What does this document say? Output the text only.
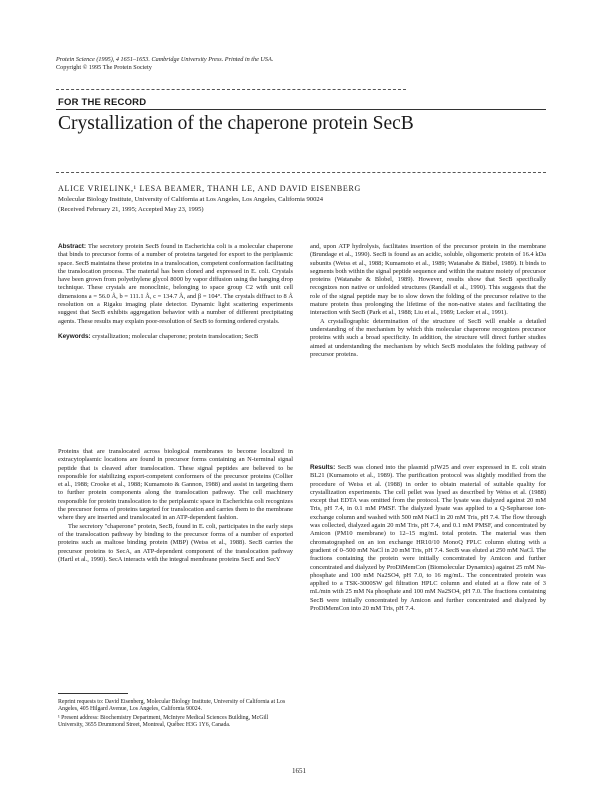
Protein Science (1995), 4 1651–1653. Cambridge University Press. Printed in the USA.
Copyright © 1995 The Protein Society
FOR THE RECORD
Crystallization of the chaperone protein SecB
ALICE VRIELINK,¹ LESA BEAMER, THANH LE, AND DAVID EISENBERG
Molecular Biology Institute, University of California at Los Angeles, Los Angeles, California 90024
(Received February 21, 1995; Accepted May 23, 1995)

Abstract: The secretory protein SecB found in Escherichia coli is a molecular chaperone that binds to precursor forms of a number of proteins targeted for export to the periplasmic space. SecB maintains these proteins in a translocation, competent conformation facilitating the translocation process. The material has been cloned and expressed in E. coli. Crystals have been grown from polyethylene glycol 8000 by vapor diffusion using the hanging drop technique. These crystals are monoclinic, belonging to space group C2 with unit cell dimensions a = 56.0 Å, b = 111.1 Å, c = 134.7 Å, and β = 104°. The crystals diffract to 8 Å resolution on a Rigaku imaging plate detector. Dynamic light scattering experiments suggest that SecB exhibits aggregation behavior with a number of different precipitating agents. These results may explain poor-resolution of SecB to forming ordered crystals.

Keywords: crystallization; molecular chaperone; protein translocation; SecB

Proteins that are translocated across biological membranes to become localized in extracytoplasmic locations are found in precursor forms containing an N-terminal signal peptide that is cleaved after translocation. These signal peptides are believed to be responsible for stabilizing export-competent conformers of the precursor proteins (Collier et al., 1988; Crooke et al., 1988; Kumamoto & Gannon, 1988) and assist in targeting them to further protein components along the translocation pathway. The cell machinery responsible for protein translocation to the periplasmic space in Escherichia coli recognizes the precursor forms of proteins targeted for translocation and carries them to the membrane where they are inserted and translocated in an ATP-dependent fashion.

The secretory "chaperone" protein, SecB, found in E. coli, participates in the early steps of the translocation pathway by binding to the precursor forms of a number of exported proteins such as maltose binding protein (MBP) (Weiss et al., 1988). SecB carries the precursor proteins to SecA, an ATP-dependent component of the translocation pathway (Hartl et al., 1990). SecA interacts with the integral membrane proteins SecE and SecY

Reprint requests to: David Eisenberg, Molecular Biology Institute, University of California at Los Angeles, 405 Hilgard Avenue, Los Angeles, California 90024.

¹ Present address: Biochemistry Department, McIntyre Medical Sciences Building, McGill University, 3655 Drummond Street, Montreal, Québec H3G 1Y6, Canada.

and, upon ATP hydrolysis, facilitates insertion of the precursor protein in the membrane (Brundage et al., 1990). SecB is found as an acidic, soluble, oligomeric protein of 16.4 kDa subunits (Weiss et al., 1988; Kumamoto et al., 1989; Watanabe & Bitbel, 1989). It binds to segments both within the signal peptide sequence and within the mature moiety of precursor proteins (Watanabe & Blobel, 1989). However, results show that SecB specifically recognizes non native or unfolded structures (Randall et al., 1990). This suggests that the role of the signal peptide may be to slow down the folding of the precursor relative to the mature protein thus prolonging the lifetime of the non-native states and facilitating the interaction with SecB (Park et al., 1988; Liu et al., 1989; Lecker et al., 1991).

A crystallographic determination of the structure of SecB will enable a detailed understanding of the mechanism by which this molecular chaperone recognizes precursor proteins with such a broad specificity. In addition, the structure will direct further studies aimed at understanding the mechanism by which SecB modulates the folding pathway of precursor proteins.

Results: SecB was cloned into the plasmid pJW25 and over expressed in E. coli strain BL21 (Kumamoto et al., 1989). The purification protocol was slightly modified from the procedure of Weiss et al. (1988) in order to obtain material of suitable quality for crystallization experiments. The cell pellet was lysed as described by Weiss et al. (1988) except that EDTA was omitted from the protocol. The lysate was dialyzed against 20 mM Tris, pH 7.4, in 0.1 mM PMSF. The dialyzed lysate was applied to a Q-Sepharose ion-exchange column and washed with 500 mM NaCl in 20 mM Tris, pH 7.4. The flow through was collected, dialyzed again 20 mM Tris, pH 7.4, and 0.1 mM PMSF, and concentrated by Amicon (PM10 membrane) to 12–15 mg/mL total protein. The material was then chromatographed on an ion exchange HR10/10 MonoQ FPLC column eluting with a gradient of 0–500 mM NaCl in 20 mM Tris, pH 7.4. SecB was eluted at 250 mM NaCl. The fractions containing the protein were initially concentrated by Amicon and further concentrated and dialyzed by ProDiMemCon (Biomolecular Dynamics) against 25 mM Na-phosphate and 100 mM Na2SO4, pH 7.0, to 16 mg/mL. The concentrated protein was applied to a TSK-3000SW gel filtration HPLC column and eluted at a flow rate of 3 mL/min with 25 mM Na phosphate and 100 mM Na2SO4, pH 7.0. The fractions containing SecB were initially concentrated by Amicon and further concentrated and dialyzed by ProDiMemCon into 20 mM Tris, pH 7.4.

1651
